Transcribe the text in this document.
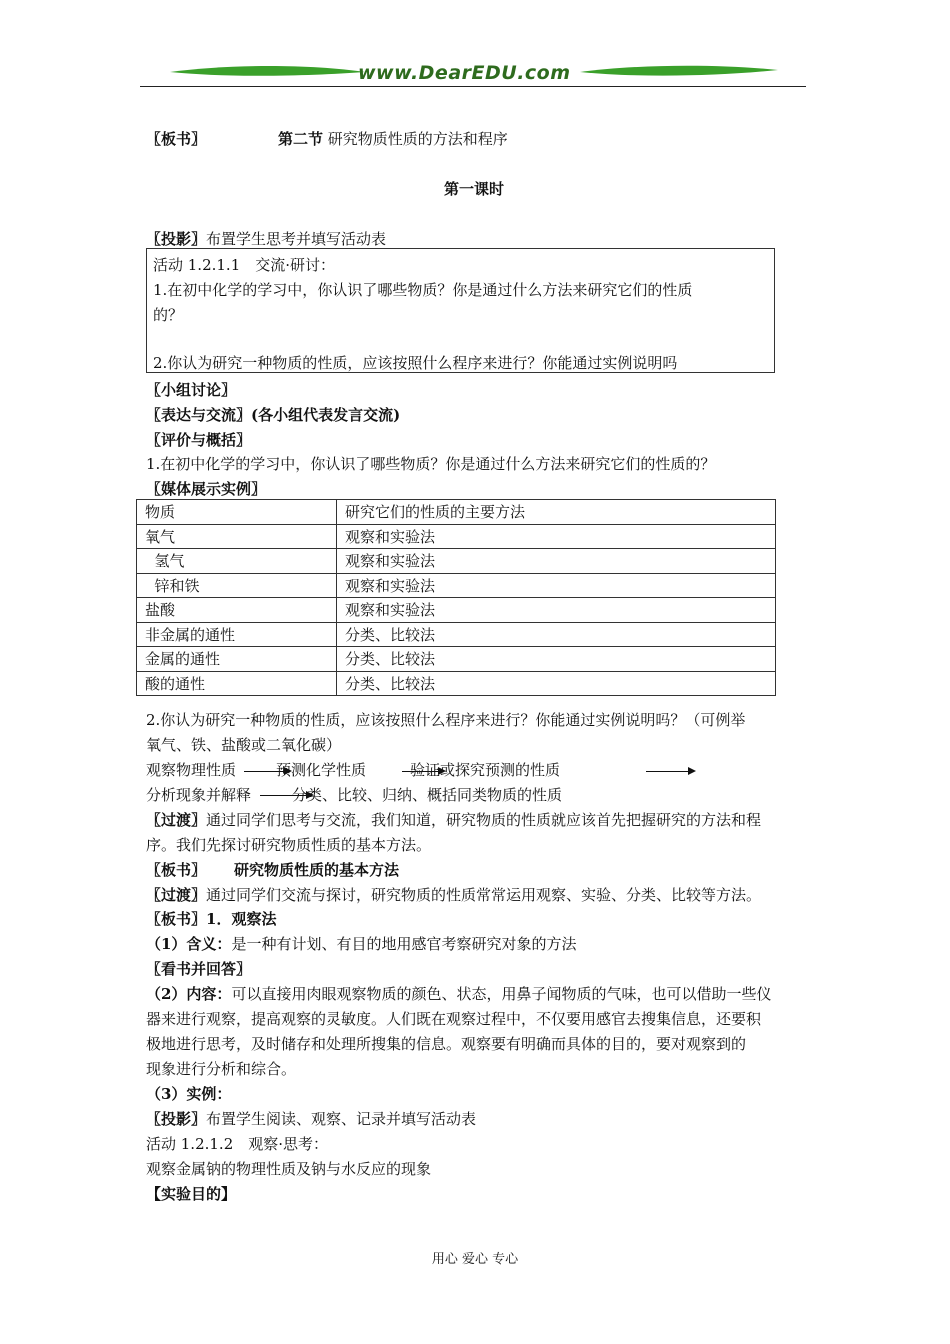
www.DearEDU.com
〖板书〗	第二节 研究物质性质的方法和程序
第一课时
〖投影〗布置学生思考并填写活动表
活动 1.2.1.1　交流·研讨：
1.在初中化学的学习中，你认识了哪些物质？你是通过什么方法来研究它们的性质
的？
2.你认为研究一种物质的性质，应该按照什么程序来进行？你能通过实例说明吗
〖小组讨论〗
〖表达与交流〗(各小组代表发言交流)
〖评价与概括〗
1.在初中化学的学习中，你认识了哪些物质？你是通过什么方法来研究它们的性质的？
〖媒体展示实例〗
物质	研究它们的性质的主要方法
氧气	观察和实验法
氢气	观察和实验法
锌和铁	观察和实验法
盐酸	观察和实验法
非金属的通性	分类、比较法
金属的通性	分类、比较法
酸的通性	分类、比较法
2.你认为研究一种物质的性质，应该按照什么程序来进行？你能通过实例说明吗？（可例举
氧气、铁、盐酸或二氧化碳）
观察物理性质	预测化学性质	验证或探究预测的性质
分析现象并解释	分类、比较、归纳、概括同类物质的性质
〖过渡〗通过同学们思考与交流，我们知道，研究物质的性质就应该首先把握研究的方法和程
序。我们先探讨研究物质性质的基本方法。
〖板书〗 研究物质性质的基本方法
〖过渡〗通过同学们交流与探讨，研究物质的性质常常运用观察、实验、分类、比较等方法。
〖板书〗1．观察法
（1）含义：是一种有计划、有目的地用感官考察研究对象的方法
〖看书并回答〗
（2）内容：可以直接用肉眼观察物质的颜色、状态，用鼻子闻物质的气味，也可以借助一些仪
器来进行观察，提高观察的灵敏度。人们既在观察过程中，不仅要用感官去搜集信息，还要积
极地进行思考，及时储存和处理所搜集的信息。观察要有明确而具体的目的，要对观察到的
现象进行分析和综合。
（3）实例：
〖投影〗布置学生阅读、观察、记录并填写活动表
活动 1.2.1.2　观察·思考：
观察金属钠的物理性质及钠与水反应的现象
【实验目的】
用心 爱心 专心
